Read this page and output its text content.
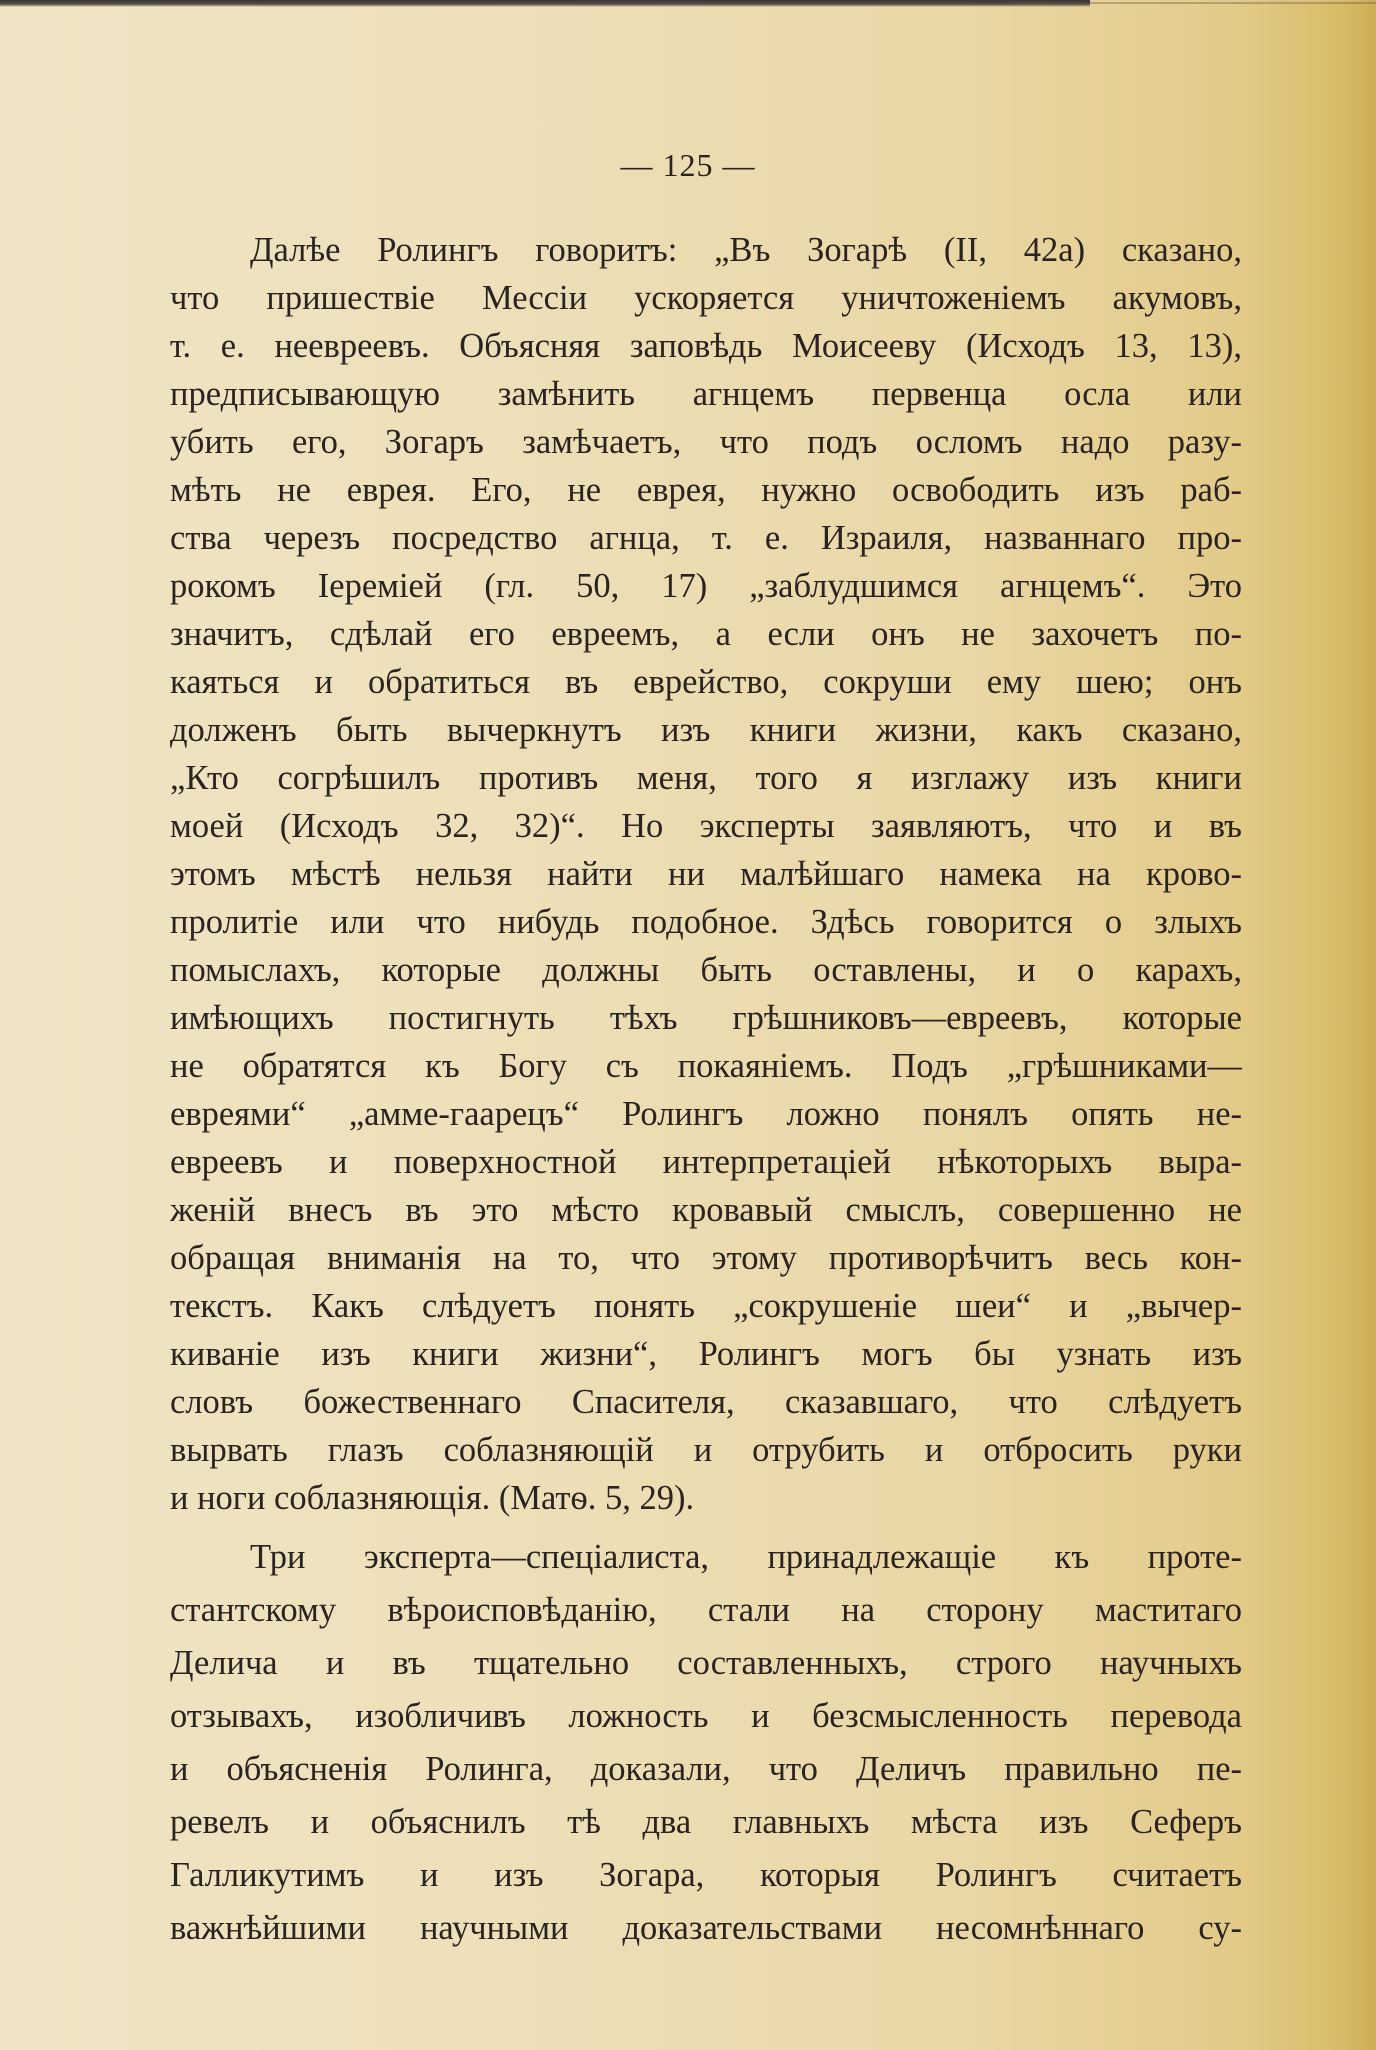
— 125 —
Далѣе Ролингъ говоритъ: „Въ Зогарѣ (II, 42a) сказано,
что пришествіе Мессіи ускоряется уничтоженіемъ акумовъ,
т. е. неевреевъ. Объясняя заповѣдь Моисееву (Исходъ 13, 13),
предписывающую замѣнить агнцемъ первенца осла или
убить его, Зогаръ замѣчаетъ, что подъ осломъ надо разу-
мѣть не еврея. Его, не еврея, нужно освободить изъ раб-
ства черезъ посредство агнца, т. е. Израиля, названнаго про-
рокомъ Іереміей (гл. 50, 17) „заблудшимся агнцемъ“. Это
значитъ, сдѣлай его евреемъ, а если онъ не захочетъ по-
каяться и обратиться въ еврейство, сокруши ему шею; онъ
долженъ быть вычеркнутъ изъ книги жизни, какъ сказано,
„Кто согрѣшилъ противъ меня, того я изглажу изъ книги
моей (Исходъ 32, 32)“. Но эксперты заявляютъ, что и въ
этомъ мѣстѣ нельзя найти ни малѣйшаго намека на крово-
пролитіе или что нибудь подобное. Здѣсь говорится о злыхъ
помыслахъ, которые должны быть оставлены, и о карахъ,
имѣющихъ постигнуть тѣхъ грѣшниковъ—евреевъ, которые
не обратятся къ Богу съ покаяніемъ. Подъ „грѣшниками—
евреями“ „амме-гаарецъ“ Ролингъ ложно понялъ опять не-
евреевъ и поверхностной интерпретаціей нѣкоторыхъ выра-
женій внесъ въ это мѣсто кровавый смыслъ, совершенно не
обращая вниманія на то, что этому противорѣчитъ весь кон-
текстъ. Какъ слѣдуетъ понять „сокрушеніе шеи“ и „вычер-
киваніе изъ книги жизни“, Ролингъ могъ бы узнать изъ
словъ божественнаго Спасителя, сказавшаго, что слѣдуетъ
вырвать глазъ соблазняющій и отрубить и отбросить руки
и ноги соблазняющія. (Матѳ. 5, 29).
Три эксперта—спеціалиста, принадлежащіе къ проте-
стантскому вѣроисповѣданію, стали на сторону маститаго
Делича и въ тщательно составленныхъ, строго научныхъ
отзывахъ, изобличивъ ложность и безсмысленность перевода
и объясненія Ролинга, доказали, что Деличъ правильно пе-
ревелъ и объяснилъ тѣ два главныхъ мѣста изъ Сеферъ
Галликутимъ и изъ Зогара, которыя Ролингъ считаетъ
важнѣйшими научными доказательствами несомнѣннаго су-
